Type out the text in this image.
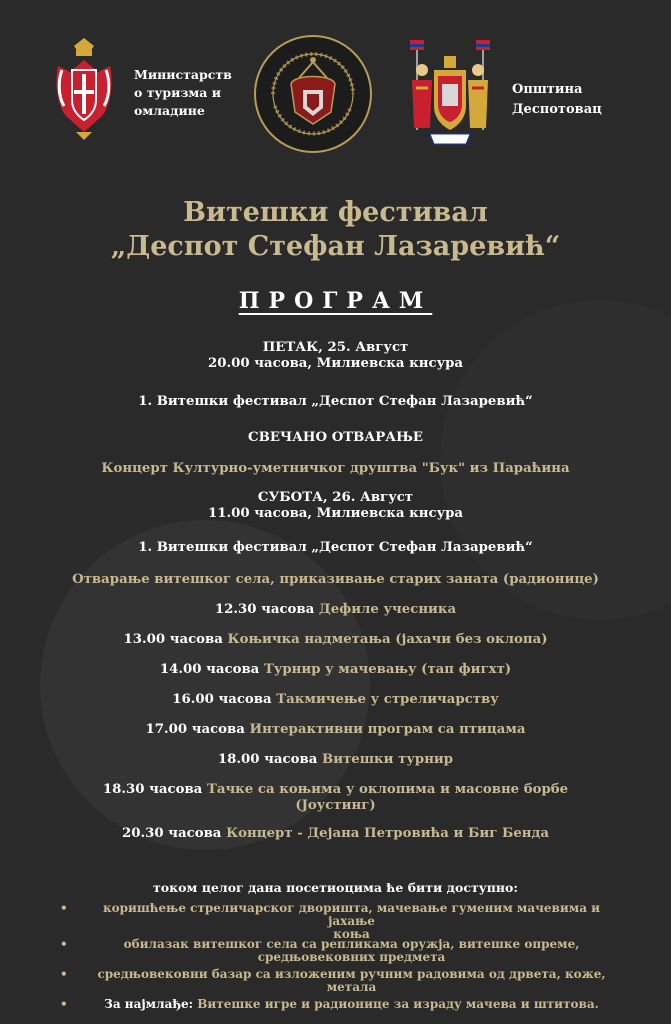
Министарств
о туризма и
омладине
Општина
Деспотовац
Витешки фестивал
„Деспот Стефан Лазаревић“
ПРОГРАМ
ПЕТАК, 25. Август
20.00 часова, Милиевска кнсура
1. Витешки фестивал „Деспот Стефан Лазаревић“
СВЕЧАНО ОТВАРАЊЕ
Концерт Културно-уметничког друштва "Бук" из Параћина
СУБОТА, 26. Август
11.00 часова, Милиевска кнсура
1. Витешки фестивал „Деспот Стефан Лазаревић“
Отварање витешког села, приказивање старих заната (радионице)
12.30 часова Дефиле учесника
13.00 часова Коњичка надметања (јахачи без оклопа)
14.00 часова Турнир у мачевању (тап фигхт)
16.00 часова Такмичење у стреличарству
17.00 часова Интерактивни програм са птицама
18.00 часова Витешки турнир
18.30 часова Тачке са коњима у оклопима и масовне борбе
(Јоустинг)
20.30 часова Концерт - Дејана Петровића и Биг Бенда
током целог дана посетиоцима ће бити доступно:
•	коришћење стреличарског дворишта, мачевање гуменим мачевима и јахање
коња
•	обилазак витешког села са репликама оружја, витешке опреме,
средњовековних предмета
•	средњовековни базар са изложеним ручним радовима од дрвета, коже,
метала
•	За најмлађе: Витешке игре и радионице за израду мачева и штитова.
